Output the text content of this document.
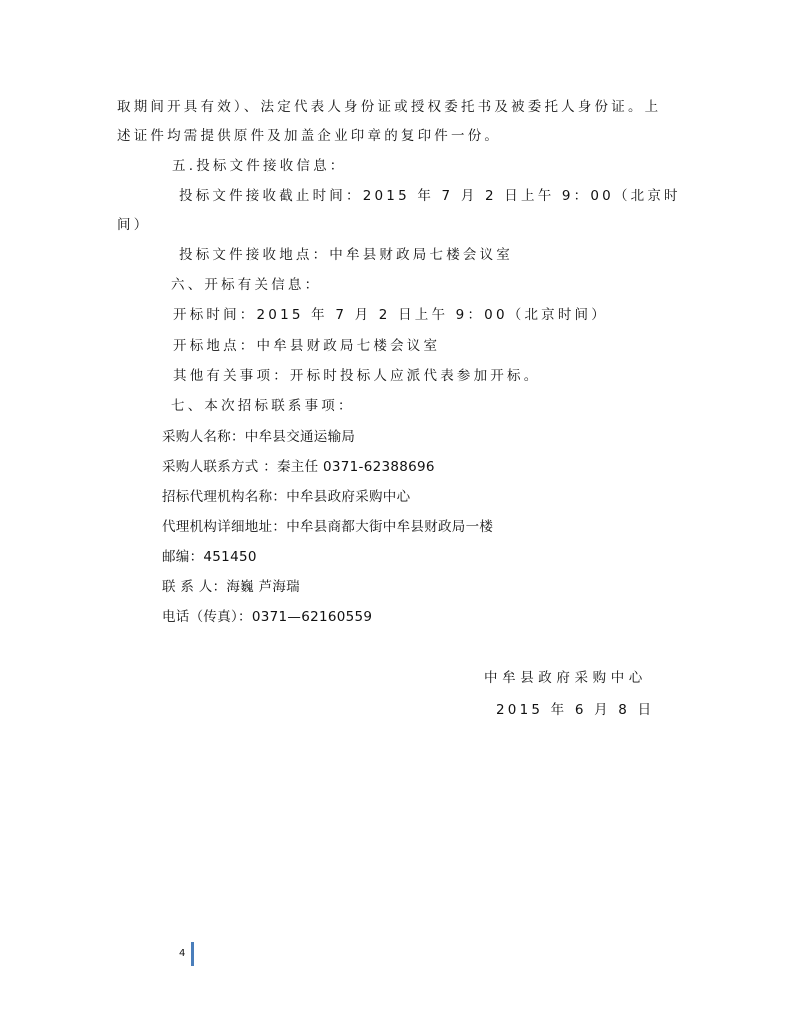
取期间开具有效）、法定代表人身份证或授权委托书及被委托人身份证。上
述证件均需提供原件及加盖企业印章的复印件一份。
五.投标文件接收信息：
投标文件接收截止时间：2015 年 7 月 2 日上午 9：00（北京时
间）
投标文件接收地点：中牟县财政局七楼会议室
六、开标有关信息：
开标时间：2015 年 7 月 2 日上午 9：00（北京时间）
开标地点：中牟县财政局七楼会议室
其他有关事项：开标时投标人应派代表参加开标。
七、本次招标联系事项：
采购人名称：中牟县交通运输局
采购人联系方式 ：秦主任 0371-62388696
招标代理机构名称：中牟县政府采购中心
代理机构详细地址：中牟县商都大街中牟县财政局一楼
邮编：451450
联 系 人：海巍 芦海瑞
电话（传真）：0371—62160559
中牟县政府采购中心
2015 年 6 月 8 日
4
